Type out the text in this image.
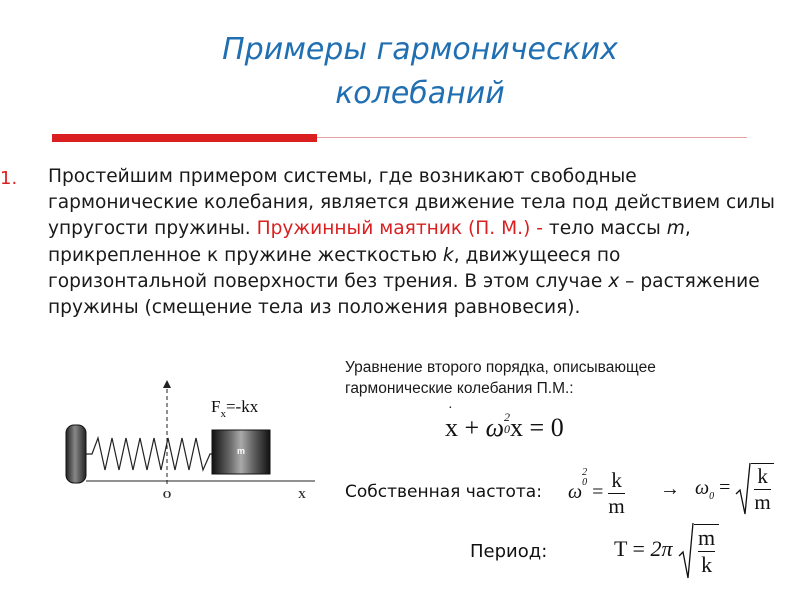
Примеры гармонических
колебаний
1. Простейшим примером системы, где возникают свободные гармонические колебания, является движение тела под действием силы упругости пружины. Пружинный маятник (П. М.) - тело массы m, прикрепленное к пружине жесткостью k, движущееся по горизонтальной поверхности без трения. В этом случае x – растяжение пружины (смещение тела из положения равновесия).
Уравнение второго порядка, описывающее гармонические колебания П.М.:
m
$F_x=-kx$
O	X
·
x + ω 2
0 x = 0
Собственная частота: ω
2
$0 = \frac{k}{m} \to \omega_0 = \frac{k}{m}$
Период:	$T = 2\pi \frac{m}{k}$
